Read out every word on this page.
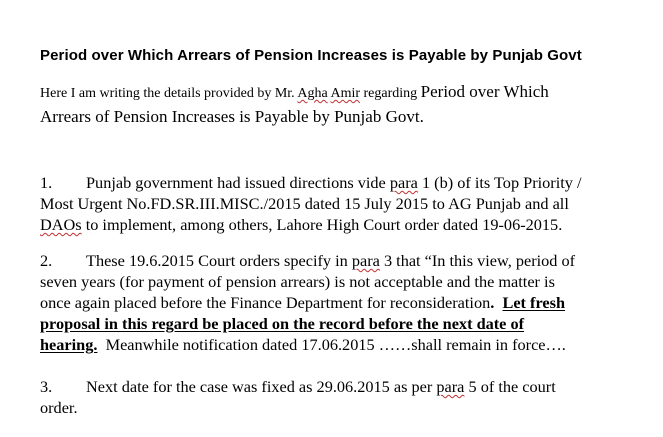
Period over Which Arrears of Pension Increases is Payable by Punjab Govt
Here I am writing the details provided by Mr. Agha Amir regarding Period over Which
Arrears of Pension Increases is Payable by Punjab Govt.
1. Punjab government had issued directions vide para 1 (b) of its Top Priority /
Most Urgent No.FD.SR.III.MISC./2015 dated 15 July 2015 to AG Punjab and all
DAOs to implement, among others, Lahore High Court order dated 19-06-2015.
2. These 19.6.2015 Court orders specify in para 3 that “In this view, period of
seven years (for payment of pension arrears) is not acceptable and the matter is
once again placed before the Finance Department for reconsideration. Let fresh
proposal in this regard be placed on the record before the next date of
hearing.  Meanwhile notification dated 17.06.2015 ……shall remain in force….
3. Next date for the case was fixed as 29.06.2015 as per para 5 of the court
order.
